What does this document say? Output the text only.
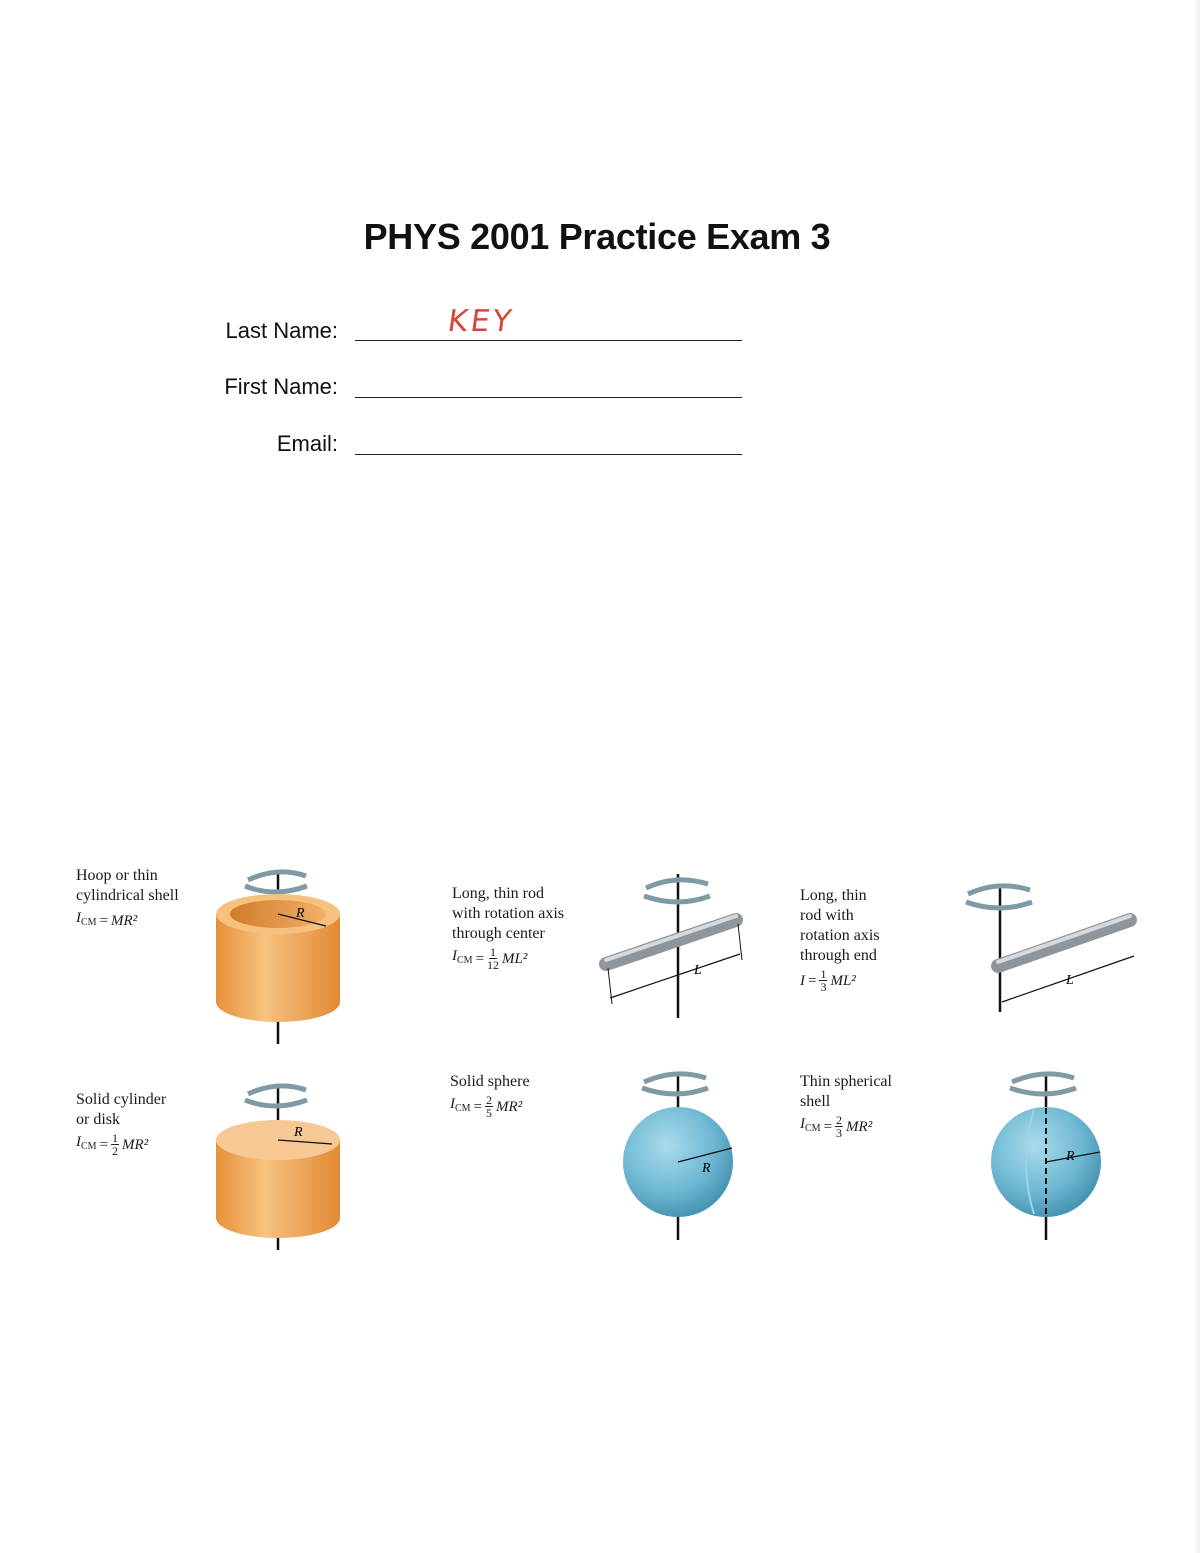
PHYS 2001 Practice Exam 3
Last Name:	KEY
First Name:
Email:
Hoop or thin
cylindrical shell
$I_{CM} = MR^2$
Long, thin rod
with rotation axis
through center
$I_{CM} = \frac{1}{12} ML^2$
Long, thin
rod with
rotation axis
through end
$I = \frac{1}{3} ML^2$
Solid cylinder
or disk
$I_{CM} = \frac{1}{2} MR^2$
Solid sphere
$I_{CM} = \frac{2}{5} MR^2$
Thin spherical
shell
$I_{CM} = \frac{2}{3} MR^2$
R
L
L
R
R
R
